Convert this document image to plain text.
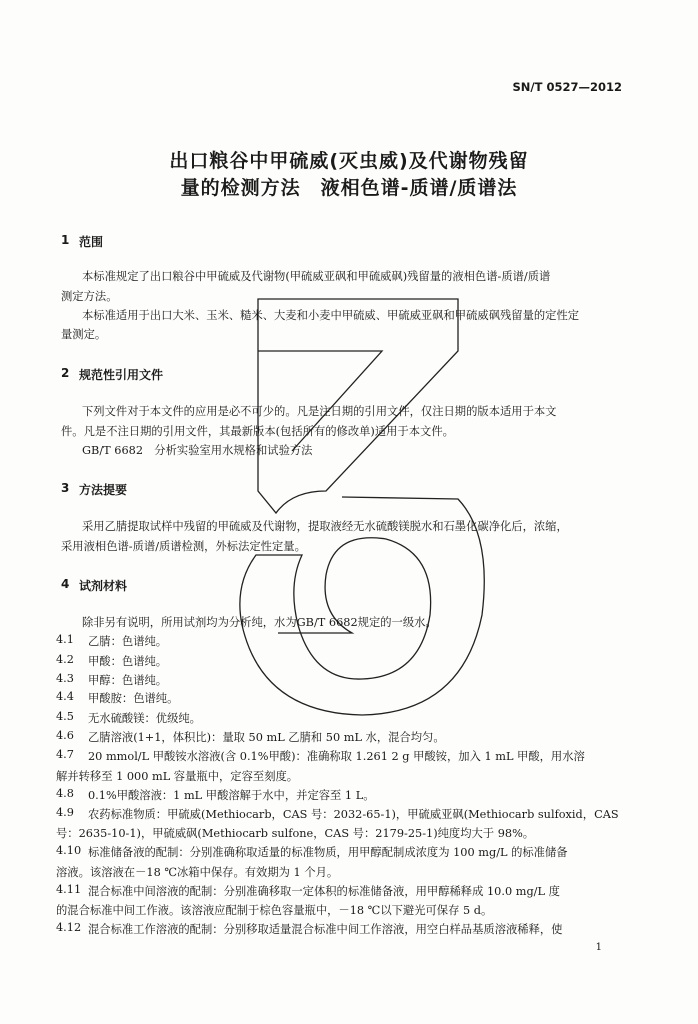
SN/T 0527—2012
出口粮谷中甲硫威(灭虫威)及代谢物残留
量的检测方法　液相色谱-质谱/质谱法
1 范围
本标准规定了出口粮谷中甲硫威及代谢物(甲硫威亚砜和甲硫威砜)残留量的液相色谱-质谱/质谱
测定方法。
本标准适用于出口大米、玉米、糙米、大麦和小麦中甲硫威、甲硫威亚砜和甲硫威砜残留量的定性定
量测定。
2 规范性引用文件
下列文件对于本文件的应用是必不可少的。凡是注日期的引用文件，仅注日期的版本适用于本文
件。凡是不注日期的引用文件，其最新版本(包括所有的修改单)适用于本文件。
GB/T 6682　分析实验室用水规格和试验方法
3 方法提要
采用乙腈提取试样中残留的甲硫威及代谢物，提取液经无水硫酸镁脱水和石墨化碳净化后，浓缩，
采用液相色谱-质谱/质谱检测，外标法定性定量。
4 试剂材料
除非另有说明，所用试剂均为分析纯，水为GB/T 6682规定的一级水。
4.1 乙腈：色谱纯。
4.2 甲酸：色谱纯。
4.3 甲醇：色谱纯。
4.4 甲酸胺：色谱纯。
4.5 无水硫酸镁：优级纯。
4.6 乙腈溶液(1+1，体积比)：量取 50 mL 乙腈和 50 mL 水，混合均匀。
4.7 20 mmol/L 甲酸铵水溶液(含 0.1%甲酸)：准确称取 1.261 2 g 甲酸铵，加入 1 mL 甲酸，用水溶
解并转移至 1 000 mL 容量瓶中，定容至刻度。
4.8 0.1%甲酸溶液：1 mL 甲酸溶解于水中，并定容至 1 L。
4.9 农药标准物质：甲硫威(Methiocarb，CAS 号：2032-65-1)，甲硫威亚砜(Methiocarb sulfoxid，CAS
号：2635-10-1)，甲硫威砜(Methiocarb sulfone，CAS 号：2179-25-1)纯度均大于 98%。
4.10 标准储备液的配制：分别准确称取适量的标准物质，用甲醇配制成浓度为 100 mg/L 的标准储备
溶液。该溶液在－18 ℃冰箱中保存。有效期为 1 个月。
4.11 混合标准中间溶液的配制：分别准确移取一定体积的标准储备液，用甲醇稀释成 10.0 mg/L 度
的混合标准中间工作液。该溶液应配制于棕色容量瓶中，－18 ℃以下避光可保存 5 d。
4.12 混合标准工作溶液的配制：分别移取适量混合标准中间工作溶液，用空白样品基质溶液稀释，使
1
